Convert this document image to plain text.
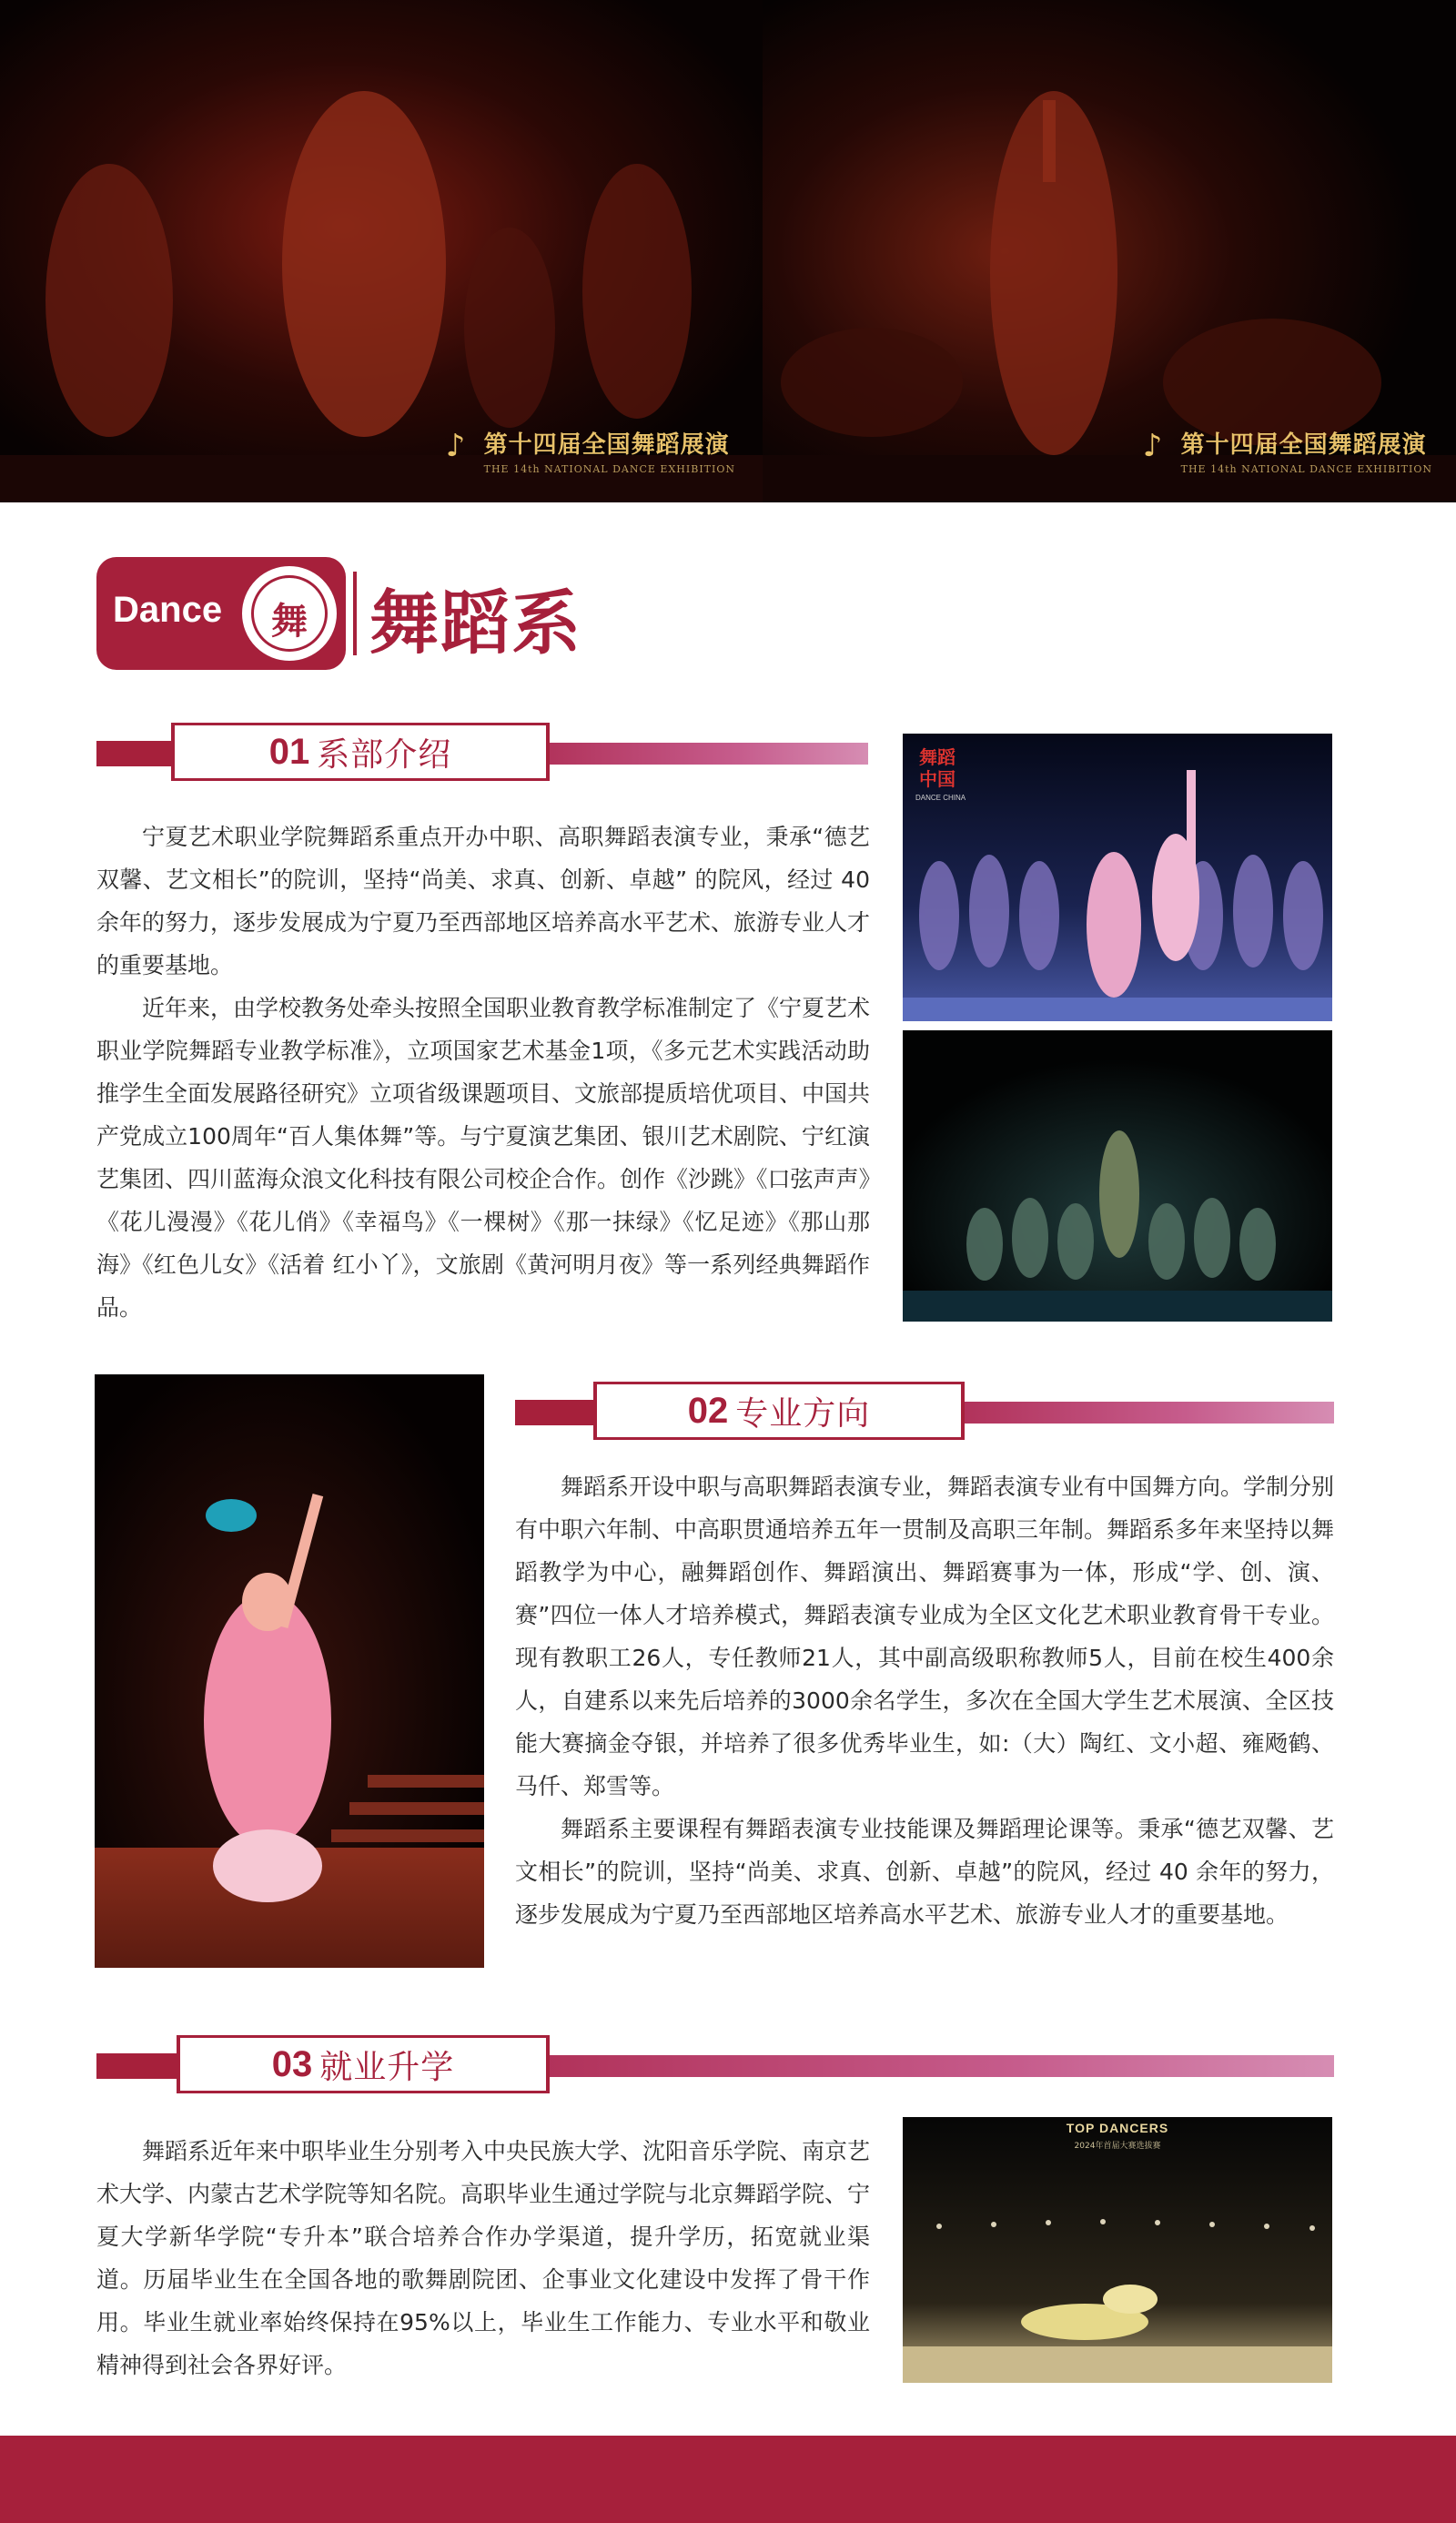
♪ 第十四届全国舞蹈展演
THE 14th NATIONAL DANCE EXHIBITION
♪ 第十四届全国舞蹈展演
THE 14th NATIONAL DANCE EXHIBITION
Dance	舞 舞蹈系
01 系部介绍

宁夏艺术职业学院舞蹈系重点开办中职、高职舞蹈表演专业，秉承“德艺双馨、艺文相长”的院训，坚持“尚美、求真、创新、卓越” 的院风，经过 40 余年的努力，逐步发展成为宁夏乃至西部地区培养高水平艺术、旅游专业人才的重要基地。

近年来，由学校教务处牵头按照全国职业教育教学标准制定了《宁夏艺术职业学院舞蹈专业教学标准》，立项国家艺术基金1项，《多元艺术实践活动助推学生全面发展路径研究》立项省级课题项目、文旅部提质培优项目、中国共产党成立100周年“百人集体舞”等。与宁夏演艺集团、银川艺术剧院、宁红演艺集团、四川蓝海众浪文化科技有限公司校企合作。创作《沙跳》《口弦声声》《花儿漫漫》《花儿俏》《幸福鸟》《一棵树》《那一抹绿》《忆足迹》《那山那海》《红色儿女》《活着 红小丫》，文旅剧《黄河明月夜》等一系列经典舞蹈作品。

舞蹈中国
DANCE CHINA
02 专业方向

舞蹈系开设中职与高职舞蹈表演专业，舞蹈表演专业有中国舞方向。学制分别有中职六年制、中高职贯通培养五年一贯制及高职三年制。舞蹈系多年来坚持以舞蹈教学为中心，融舞蹈创作、舞蹈演出、舞蹈赛事为一体，形成“学、创、演、赛”四位一体人才培养模式，舞蹈表演专业成为全区文化艺术职业教育骨干专业。现有教职工26人，专任教师21人，其中副高级职称教师5人，目前在校生400余人，自建系以来先后培养的3000余名学生，多次在全国大学生艺术展演、全区技能大赛摘金夺银，并培养了很多优秀毕业生，如:（大）陶红、文小超、雍飏鹤、马仟、郑雪等。

舞蹈系主要课程有舞蹈表演专业技能课及舞蹈理论课等。秉承“德艺双馨、艺文相长”的院训，坚持“尚美、求真、创新、卓越”的院风，经过 40 余年的努力，逐步发展成为宁夏乃至西部地区培养高水平艺术、旅游专业人才的重要基地。

03 就业升学

舞蹈系近年来中职毕业生分别考入中央民族大学、沈阳音乐学院、南京艺术大学、内蒙古艺术学院等知名院。高职毕业生通过学院与北京舞蹈学院、宁夏大学新华学院“专升本”联合培养合作办学渠道，提升学历，拓宽就业渠道。历届毕业生在全国各地的歌舞剧院团、企事业文化建设中发挥了骨干作用。毕业生就业率始终保持在95%以上，毕业生工作能力、专业水平和敬业精神得到社会各界好评。

TOP DANCERS
2024年首届大赛选拔赛
